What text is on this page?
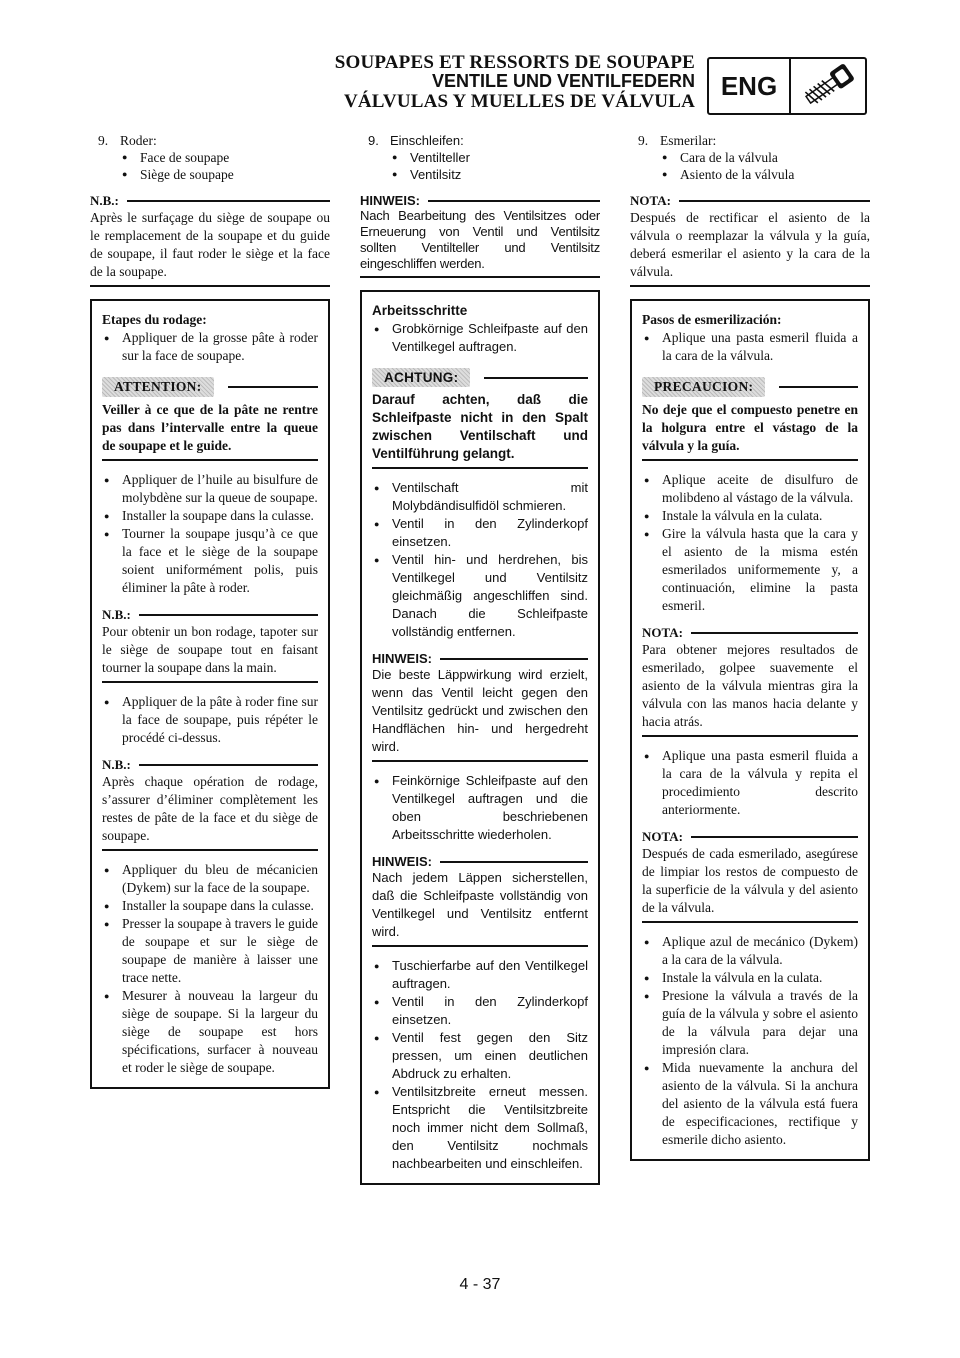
SOUPAPES ET RESSORTS DE SOUPAPE
VENTILE UND VENTILFEDERN
VÁLVULAS Y MUELLES DE VÁLVULA
ENG
9. Roder:
● Face de soupape
● Siège de soupape
N.B.:
Après le surfaçage du siège de soupape ou le remplacement de la soupape et du guide de soupape, il faut roder le siège et la face de la soupape.
Etapes du rodage:
● Appliquer de la grosse pâte à roder sur la face de soupape.
ATTENTION:
Veiller à ce que de la pâte ne rentre pas dans l’intervalle entre la queue de soupape et le guide.
● Appliquer de l’huile au bisulfure de molybdène sur la queue de soupape.
● Installer la soupape dans la culasse.
● Tourner la soupape jusqu’à ce que la face et le siège de la soupape soient uniformément polis, puis éliminer la pâte à roder.
N.B.:
Pour obtenir un bon rodage, tapoter sur le siège de soupape tout en faisant tourner la soupape dans la main.
● Appliquer de la pâte à roder fine sur la face de soupape, puis répéter le procédé ci-dessus.
N.B.:
Après chaque opération de rodage, s’assurer d’éliminer complètement les restes de pâte de la face et du siège de soupape.
● Appliquer du bleu de mécanicien (Dykem) sur la face de la soupape.
● Installer la soupape dans la culasse.
● Presser la soupape à travers le guide de soupape et sur le siège de soupape de manière à laisser une trace nette.
● Mesurer à nouveau la largeur du siège de soupape. Si la largeur du siège de soupape est hors spécifications, surfacer à nouveau et roder le siège de soupape.
9. Einschleifen:
● Ventilteller
● Ventilsitz
HINWEIS:
Nach Bearbeitung des Ventilsitzes oder Erneuerung von Ventil und Ventilsitz sollten Ventilteller und Ventilsitz eingeschliffen werden.
Arbeitsschritte
● Grobkörnige Schleifpaste auf den Ventilkegel auftragen.
ACHTUNG:
Darauf achten, daß die Schleifpaste nicht in den Spalt zwischen Ventilschaft und Ventilführung gelangt.
● Ventilschaft mit Molybdändisulfidöl schmieren.
● Ventil in den Zylinderkopf einsetzen.
● Ventil hin- und herdrehen, bis Ventilkegel und Ventilsitz gleichmäßig angeschliffen sind. Danach die Schleifpaste vollständig entfernen.
HINWEIS:
Die beste Läppwirkung wird erzielt, wenn das Ventil leicht gegen den Ventilsitz gedrückt und zwischen den Handflächen hin- und hergedreht wird.
● Feinkörnige Schleifpaste auf den Ventilkegel auftragen und die oben beschriebenen Arbeitsschritte wiederholen.
HINWEIS:
Nach jedem Läppen sicherstellen, daß die Schleifpaste vollständig von Ventilkegel und Ventilsitz entfernt wird.
● Tuschierfarbe auf den Ventilkegel auftragen.
● Ventil in den Zylinderkopf einsetzen.
● Ventil fest gegen den Sitz pressen, um einen deutlichen Abdruck zu erhalten.
● Ventilsitzbreite erneut messen. Entspricht die Ventilsitzbreite noch immer nicht dem Sollmaß, den Ventilsitz nochmals nachbearbeiten und einschleifen.
9. Esmerilar:
● Cara de la válvula
● Asiento de la válvula
NOTA:
Después de rectificar el asiento de la válvula o reemplazar la válvula y la guía, deberá esmerilar el asiento y la cara de la válvula.
Pasos de esmerilización:
● Aplique una pasta esmeril fluida a la cara de la válvula.
PRECAUCION:
No deje que el compuesto penetre en la holgura entre el vástago de la válvula y la guía.
● Aplique aceite de disulfuro de molibdeno al vástago de la válvula.
● Instale la válvula en la culata.
● Gire la válvula hasta que la cara y el asiento de la misma estén esmerilados uniformemente y, a continuación, elimine la pasta esmeril.
NOTA:
Para obtener mejores resultados de esmerilado, golpee suavemente el asiento de la válvula mientras gira la válvula con las manos hacia delante y hacia atrás.
● Aplique una pasta esmeril fluida a la cara de la válvula y repita el procedimiento descrito anteriormente.
NOTA:
Después de cada esmerilado, asegúrese de limpiar los restos de compuesto de la superficie de la válvula y del asiento de la válvula.
● Aplique azul de mecánico (Dykem) a la cara de la válvula.
● Instale la válvula en la culata.
● Presione la válvula a través de la guía de la válvula y sobre el asiento de la válvula para dejar una impresión clara.
● Mida nuevamente la anchura del asiento de la válvula. Si la anchura del asiento de la válvula está fuera de especificaciones, rectifique y esmerile dicho asiento.
4 - 37
